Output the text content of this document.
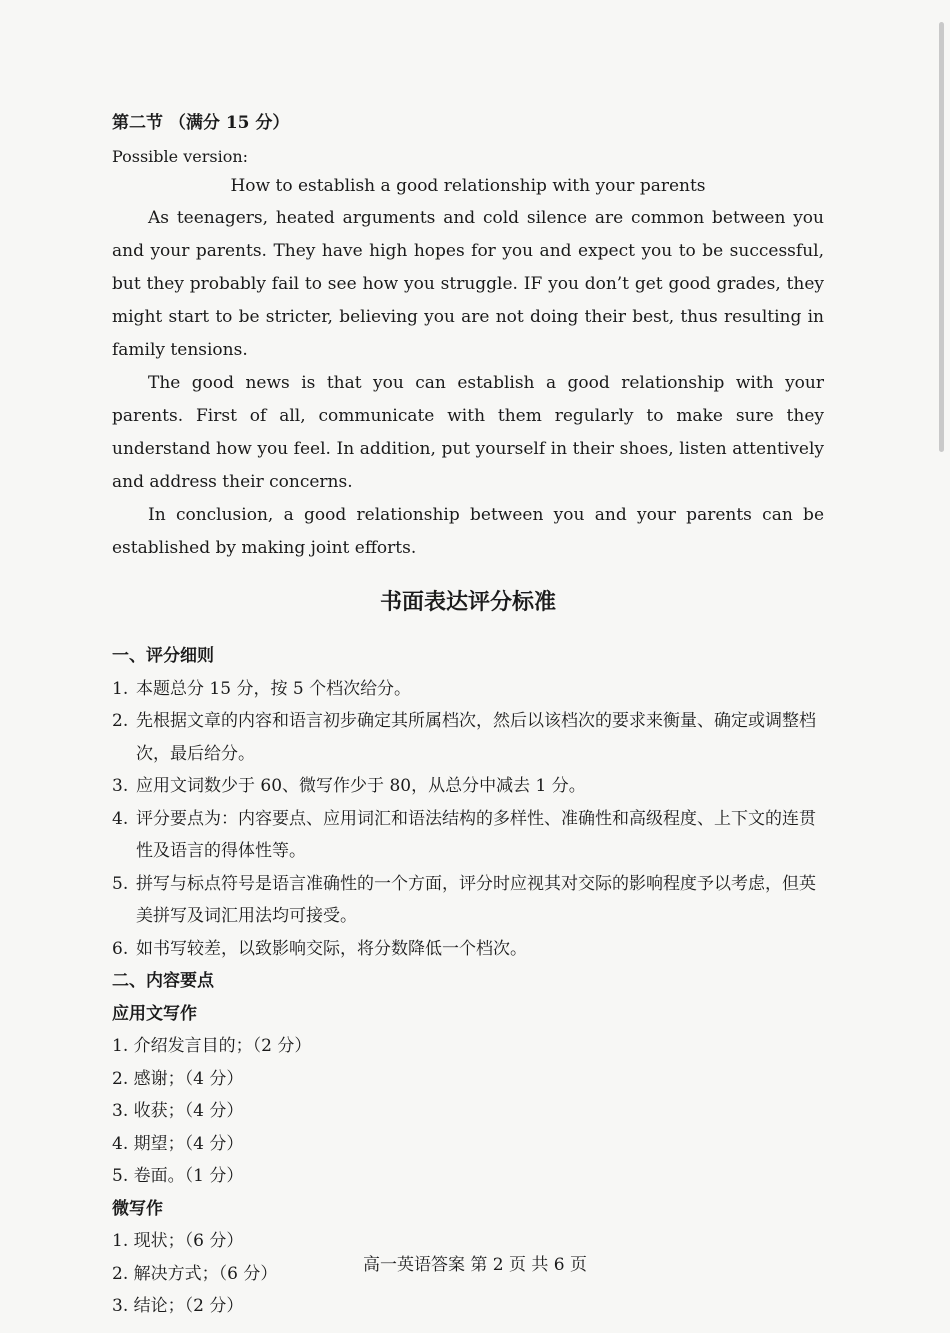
第二节 （满分 15 分）
Possible version:
How to establish a good relationship with your parents

As teenagers, heated arguments and cold silence are common between you and your parents. They have high hopes for you and expect you to be successful, but they probably fail to see how you struggle. IF you don’t get good grades, they might start to be stricter, believing you are not doing their best, thus resulting in family tensions.

The good news is that you can establish a good relationship with your parents. First of all, communicate with them regularly to make sure they understand how you feel. In addition, put yourself in their shoes, listen attentively and address their concerns.

In conclusion, a good relationship between you and your parents can be established by making joint efforts.

书面表达评分标准
一、评分细则
1. 本题总分 15 分，按 5 个档次给分。
2. 先根据文章的内容和语言初步确定其所属档次，然后以该档次的要求来衡量、确定或调整档次，最后给分。
3. 应用文词数少于 60、微写作少于 80，从总分中减去 1 分。
4. 评分要点为：内容要点、应用词汇和语法结构的多样性、准确性和高级程度、上下文的连贯性及语言的得体性等。
5. 拼写与标点符号是语言准确性的一个方面，评分时应视其对交际的影响程度予以考虑，但英美拼写及词汇用法均可接受。
6. 如书写较差，以致影响交际，将分数降低一个档次。
二、内容要点
应用文写作
1. 介绍发言目的；（2 分）
2. 感谢；（4 分）
3. 收获；（4 分）
4. 期望；（4 分）
5. 卷面。（1 分）
微写作
1. 现状；（6 分）
2. 解决方式；（6 分）
3. 结论；（2 分）
高一英语答案 第 2 页 共 6 页
